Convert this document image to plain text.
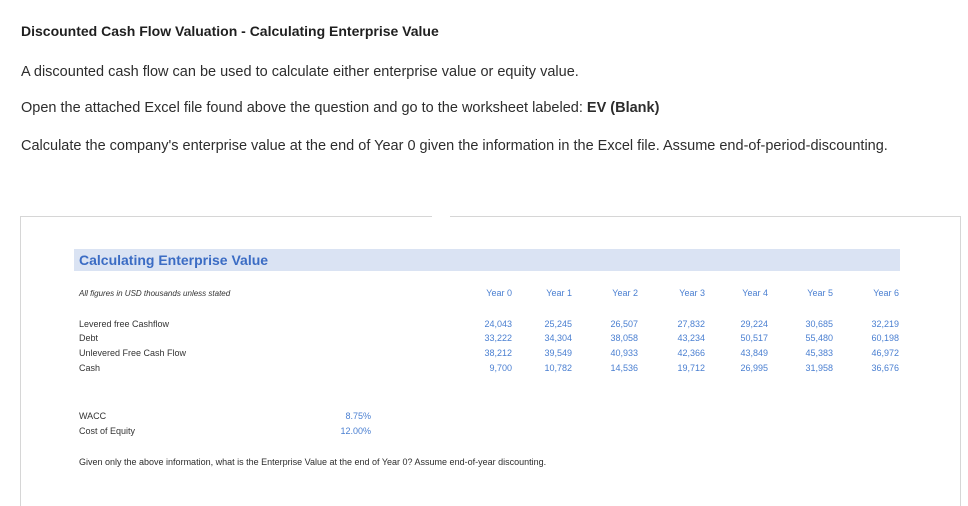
Discounted Cash Flow Valuation - Calculating Enterprise Value
A discounted cash flow can be used to calculate either enterprise value or equity value.
Open the attached Excel file found above the question and go to the worksheet labeled: EV (Blank)
Calculate the company's enterprise value at the end of Year 0 given the information in the Excel file. Assume end-of-period-discounting.
Calculating Enterprise Value
All figures in USD thousands unless stated	Year 0	Year 1	Year 2	Year 3	Year 4	Year 5	Year 6
Levered free Cashflow	24,043	25,245	26,507	27,832	29,224	30,685	32,219
Debt	33,222	34,304	38,058	43,234	50,517	55,480	60,198
Unlevered Free Cash Flow	38,212	39,549	40,933	42,366	43,849	45,383	46,972
Cash	9,700	10,782	14,536	19,712	26,995	31,958	36,676
WACC	8.75%
Cost of Equity	12.00%
Given only the above information, what is the Enterprise Value at the end of Year 0? Assume end-of-year discounting.
